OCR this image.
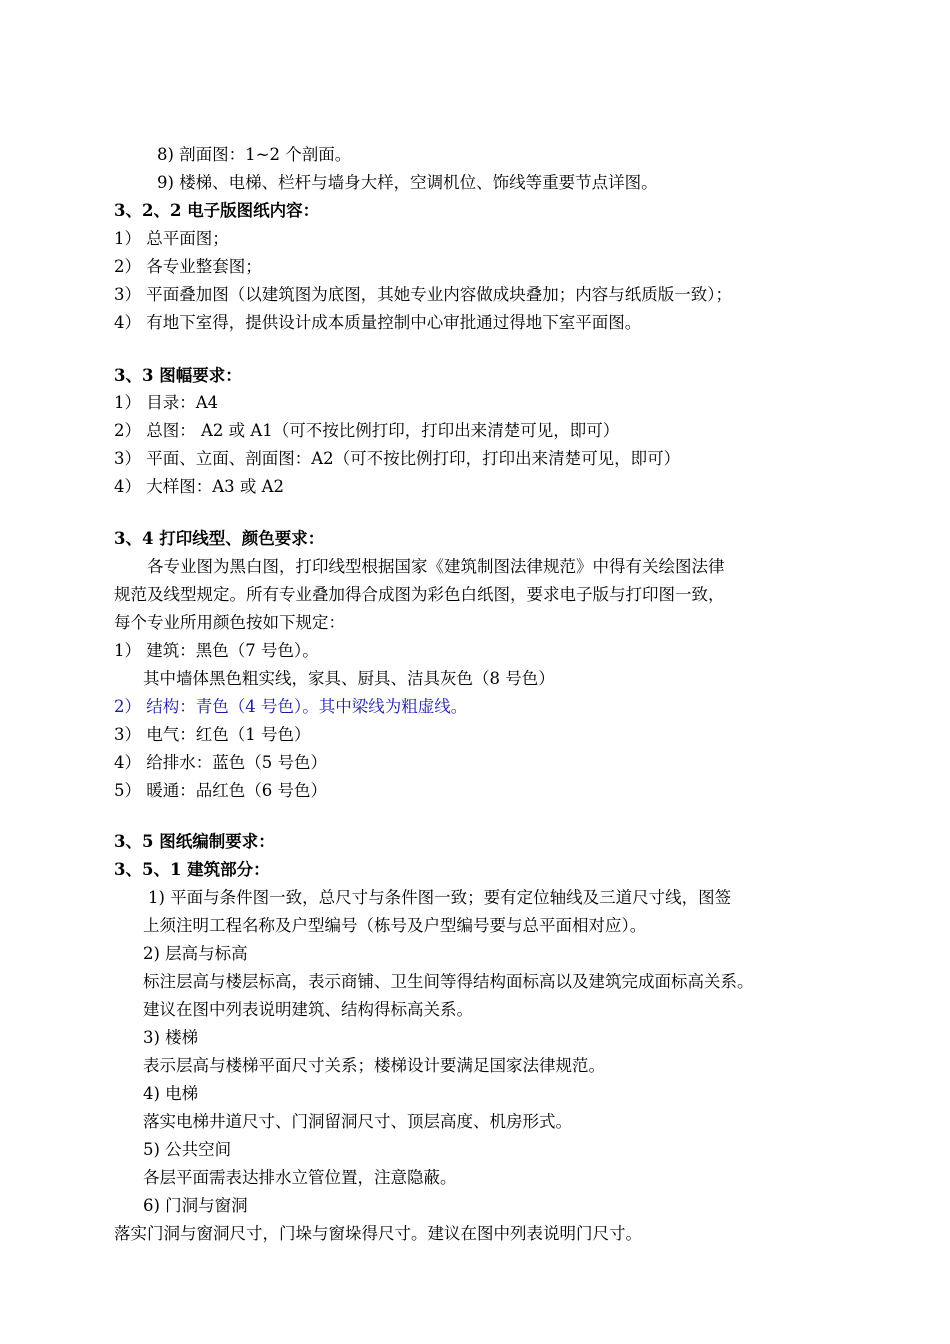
8) 剖面图：1~2 个剖面。
9) 楼梯、电梯、栏杆与墙身大样，空调机位、饰线等重要节点详图。
3、2、2 电子版图纸内容：
1） 总平面图；
2） 各专业整套图；
3） 平面叠加图（以建筑图为底图，其她专业内容做成块叠加；内容与纸质版一致）；
4） 有地下室得，提供设计成本质量控制中心审批通过得地下室平面图。
3、3 图幅要求：
1） 目录：A4
2） 总图： A2 或 A1（可不按比例打印，打印出来清楚可见，即可）
3） 平面、立面、剖面图：A2（可不按比例打印，打印出来清楚可见，即可）
4） 大样图：A3 或 A2
3、4 打印线型、颜色要求：
各专业图为黑白图，打印线型根据国家《建筑制图法律规范》中得有关绘图法律
规范及线型规定。所有专业叠加得合成图为彩色白纸图，要求电子版与打印图一致，
每个专业所用颜色按如下规定：
1） 建筑：黑色（7 号色）。
其中墙体黑色粗实线，家具、厨具、洁具灰色（8 号色）
2） 结构：青色（4 号色）。其中梁线为粗虚线。
3） 电气：红色（1 号色）
4） 给排水：蓝色（5 号色）
5） 暖通：品红色（6 号色）
3、5 图纸编制要求：
3、5、1 建筑部分：
1) 平面与条件图一致，总尺寸与条件图一致；要有定位轴线及三道尺寸线，图签
上须注明工程名称及户型编号（栋号及户型编号要与总平面相对应）。
2) 层高与标高
标注层高与楼层标高，表示商铺、卫生间等得结构面标高以及建筑完成面标高关系。
建议在图中列表说明建筑、结构得标高关系。
3) 楼梯
表示层高与楼梯平面尺寸关系；楼梯设计要满足国家法律规范。
4) 电梯
落实电梯井道尺寸、门洞留洞尺寸、顶层高度、机房形式。
5) 公共空间
各层平面需表达排水立管位置，注意隐蔽。
6) 门洞与窗洞
落实门洞与窗洞尺寸，门垛与窗垛得尺寸。建议在图中列表说明门尺寸。
